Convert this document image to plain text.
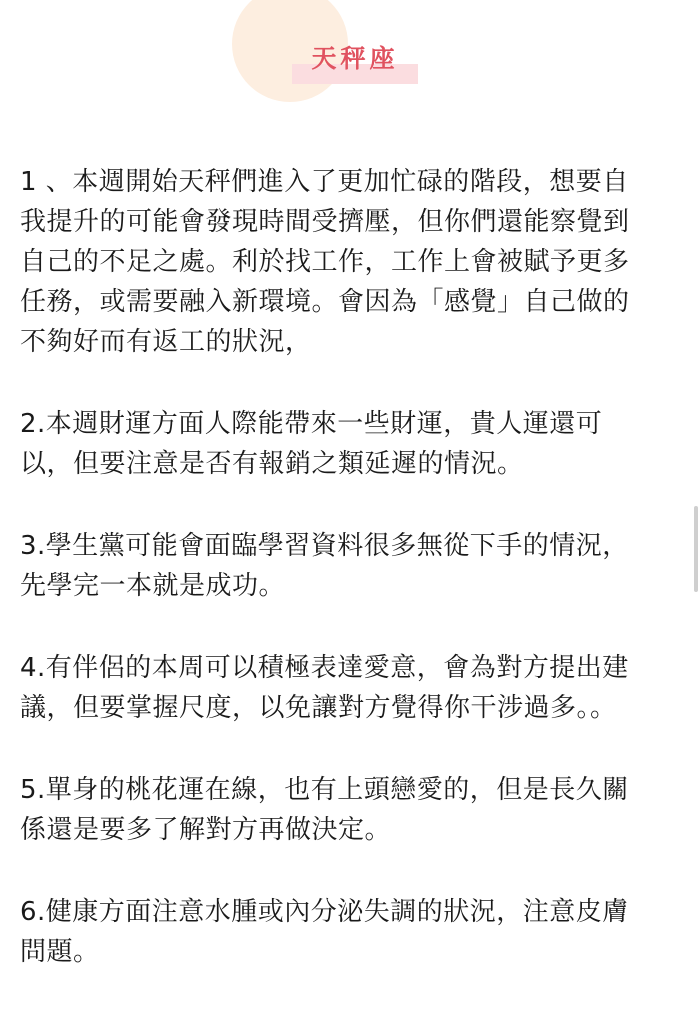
天秤座

1 、本週開始天秤們進入了更加忙碌的階段，想要自
我提升的可能會發現時間受擠壓，但你們還能察覺到
自己的不足之處。利於找工作，工作上會被賦予更多
任務，或需要融入新環境。會因為「感覺」自己做的
不夠好而有返工的狀況，

2.本週財運方面人際能帶來一些財運，貴人運還可
以，但要注意是否有報銷之類延遲的情況。

3.學生黨可能會面臨學習資料很多無從下手的情況，
先學完一本就是成功。

4.有伴侶的本周可以積極表達愛意，會為對方提出建
議，但要掌握尺度，以免讓對方覺得你干涉過多。。

5.單身的桃花運在線，也有上頭戀愛的，但是長久關
係還是要多了解對方再做決定。

6.健康方面注意水腫或內分泌失調的狀況，注意皮膚
問題。
